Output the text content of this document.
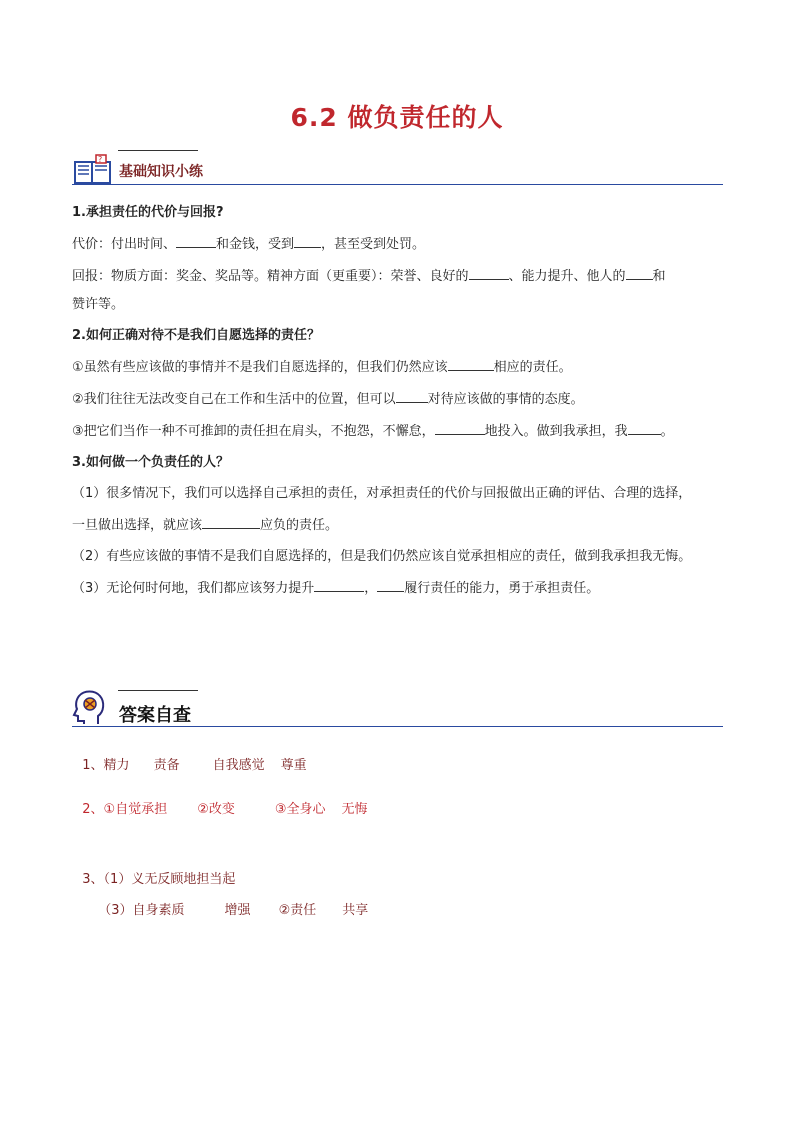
6.2 做负责任的人
?
基础知识小练

1.承担责任的代价与回报?

代价：付出时间、	和金钱，受到 ，甚至受到处罚。

回报：物质方面：奖金、奖品等。精神方面（更重要）：荣誉、良好的	、能力提升、他人的 和

赞许等。

2.如何正确对待不是我们自愿选择的责任？

①虽然有些应该做的事情并不是我们自愿选择的，但我们仍然应该	相应的责任。

②我们往往无法改变自己在工作和生活中的位置，但可以 对待应该做的事情的态度。

③把它们当作一种不可推卸的责任担在肩头，不抱怨，不懈怠，	地投入。做到我承担，我	。

3.如何做一个负责任的人？

（1）很多情况下，我们可以选择自己承担的责任，对承担责任的代价与回报做出正确的评估、合理的选择，

一旦做出选择，就应该	应负的责任。

（2）有些应该做的事情不是我们自愿选择的，但是我们仍然应该自觉承担相应的责任，做到我承担我无悔。

（3）无论何时何地，我们都应该努力提升	， 履行责任的能力，勇于承担责任。

答案自查

1、精力 责备	自我感觉 尊重

2、①自觉承担 ②改变	③全身心 无悔

3、（1）义无反顾地担当起

（3）自身素质	增强 ②责任 共享
